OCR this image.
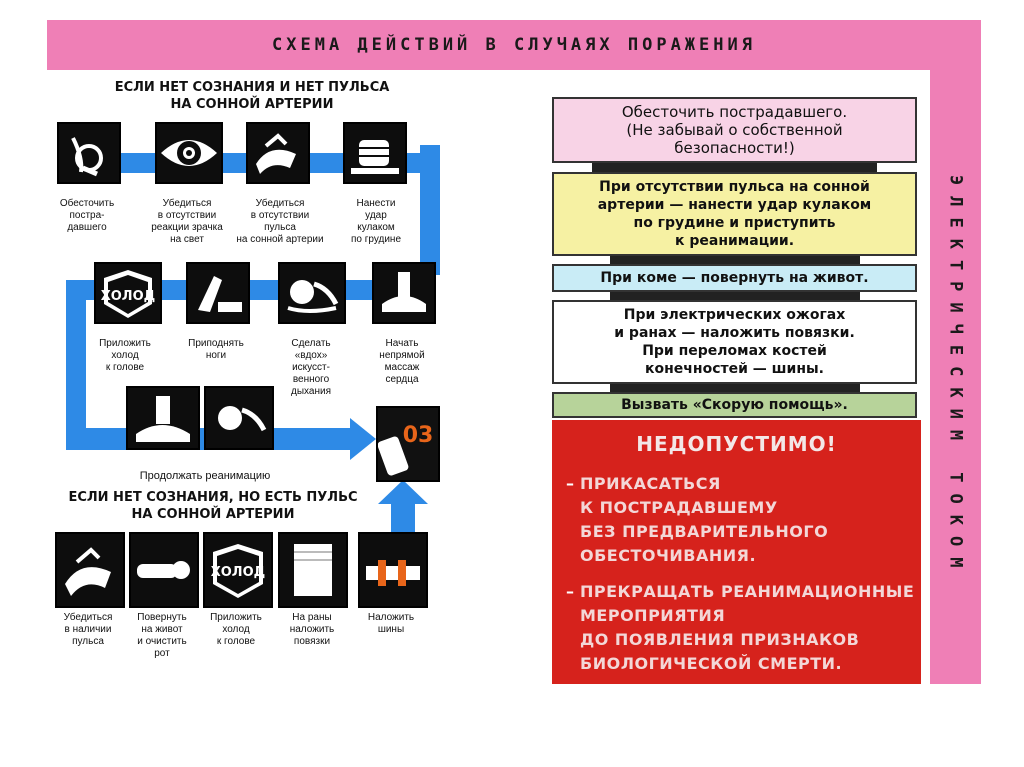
СХЕМА ДЕЙСТВИЙ В СЛУЧАЯХ ПОРАЖЕНИЯ
ЭЛЕКТРИЧЕСКИМ ТОКОМ
ЕСЛИ НЕТ СОЗНАНИЯ И НЕТ ПУЛЬСА
НА СОННОЙ АРТЕРИИ
Обесточить
постра-
давшего
Убедиться
в отсутствии
реакции зрачка
на свет
Убедиться
в отсутствии
пульса
на сонной артерии
Нанести
удар
кулаком
по грудине
ХОЛОД
Приложить
холод
к голове
Приподнять
ноги
Сделать
«вдох»
искусст-
венного
дыхания
Начать
непрямой
массаж
сердца
03
Продолжать реанимацию
ЕСЛИ НЕТ СОЗНАНИЯ, НО ЕСТЬ ПУЛЬС
НА СОННОЙ АРТЕРИИ
ХОЛОД
Убедиться
в наличии
пульса
Повернуть
на живот
и очистить
рот
Приложить
холод
к голове
На раны
наложить
повязки
Наложить
шины
Обесточить пострадавшего.
(Не забывай о собственной
безопасности!)
При отсутствии пульса на сонной
артерии — нанести удар кулаком
по грудине и приступить
к реанимации.
При коме — повернуть на живот.
При электрических ожогах
и ранах — наложить повязки.
При переломах костей
конечностей — шины.
Вызвать «Скорую помощь».
НЕДОПУСТИМО!
– ПРИКАСАТЬСЯ
К ПОСТРАДАВШЕМУ
БЕЗ ПРЕДВАРИТЕЛЬНОГО
ОБЕСТОЧИВАНИЯ.
– ПРЕКРАЩАТЬ РЕАНИМАЦИОННЫЕ
МЕРОПРИЯТИЯ
ДО ПОЯВЛЕНИЯ ПРИЗНАКОВ
БИОЛОГИЧЕСКОЙ СМЕРТИ.
